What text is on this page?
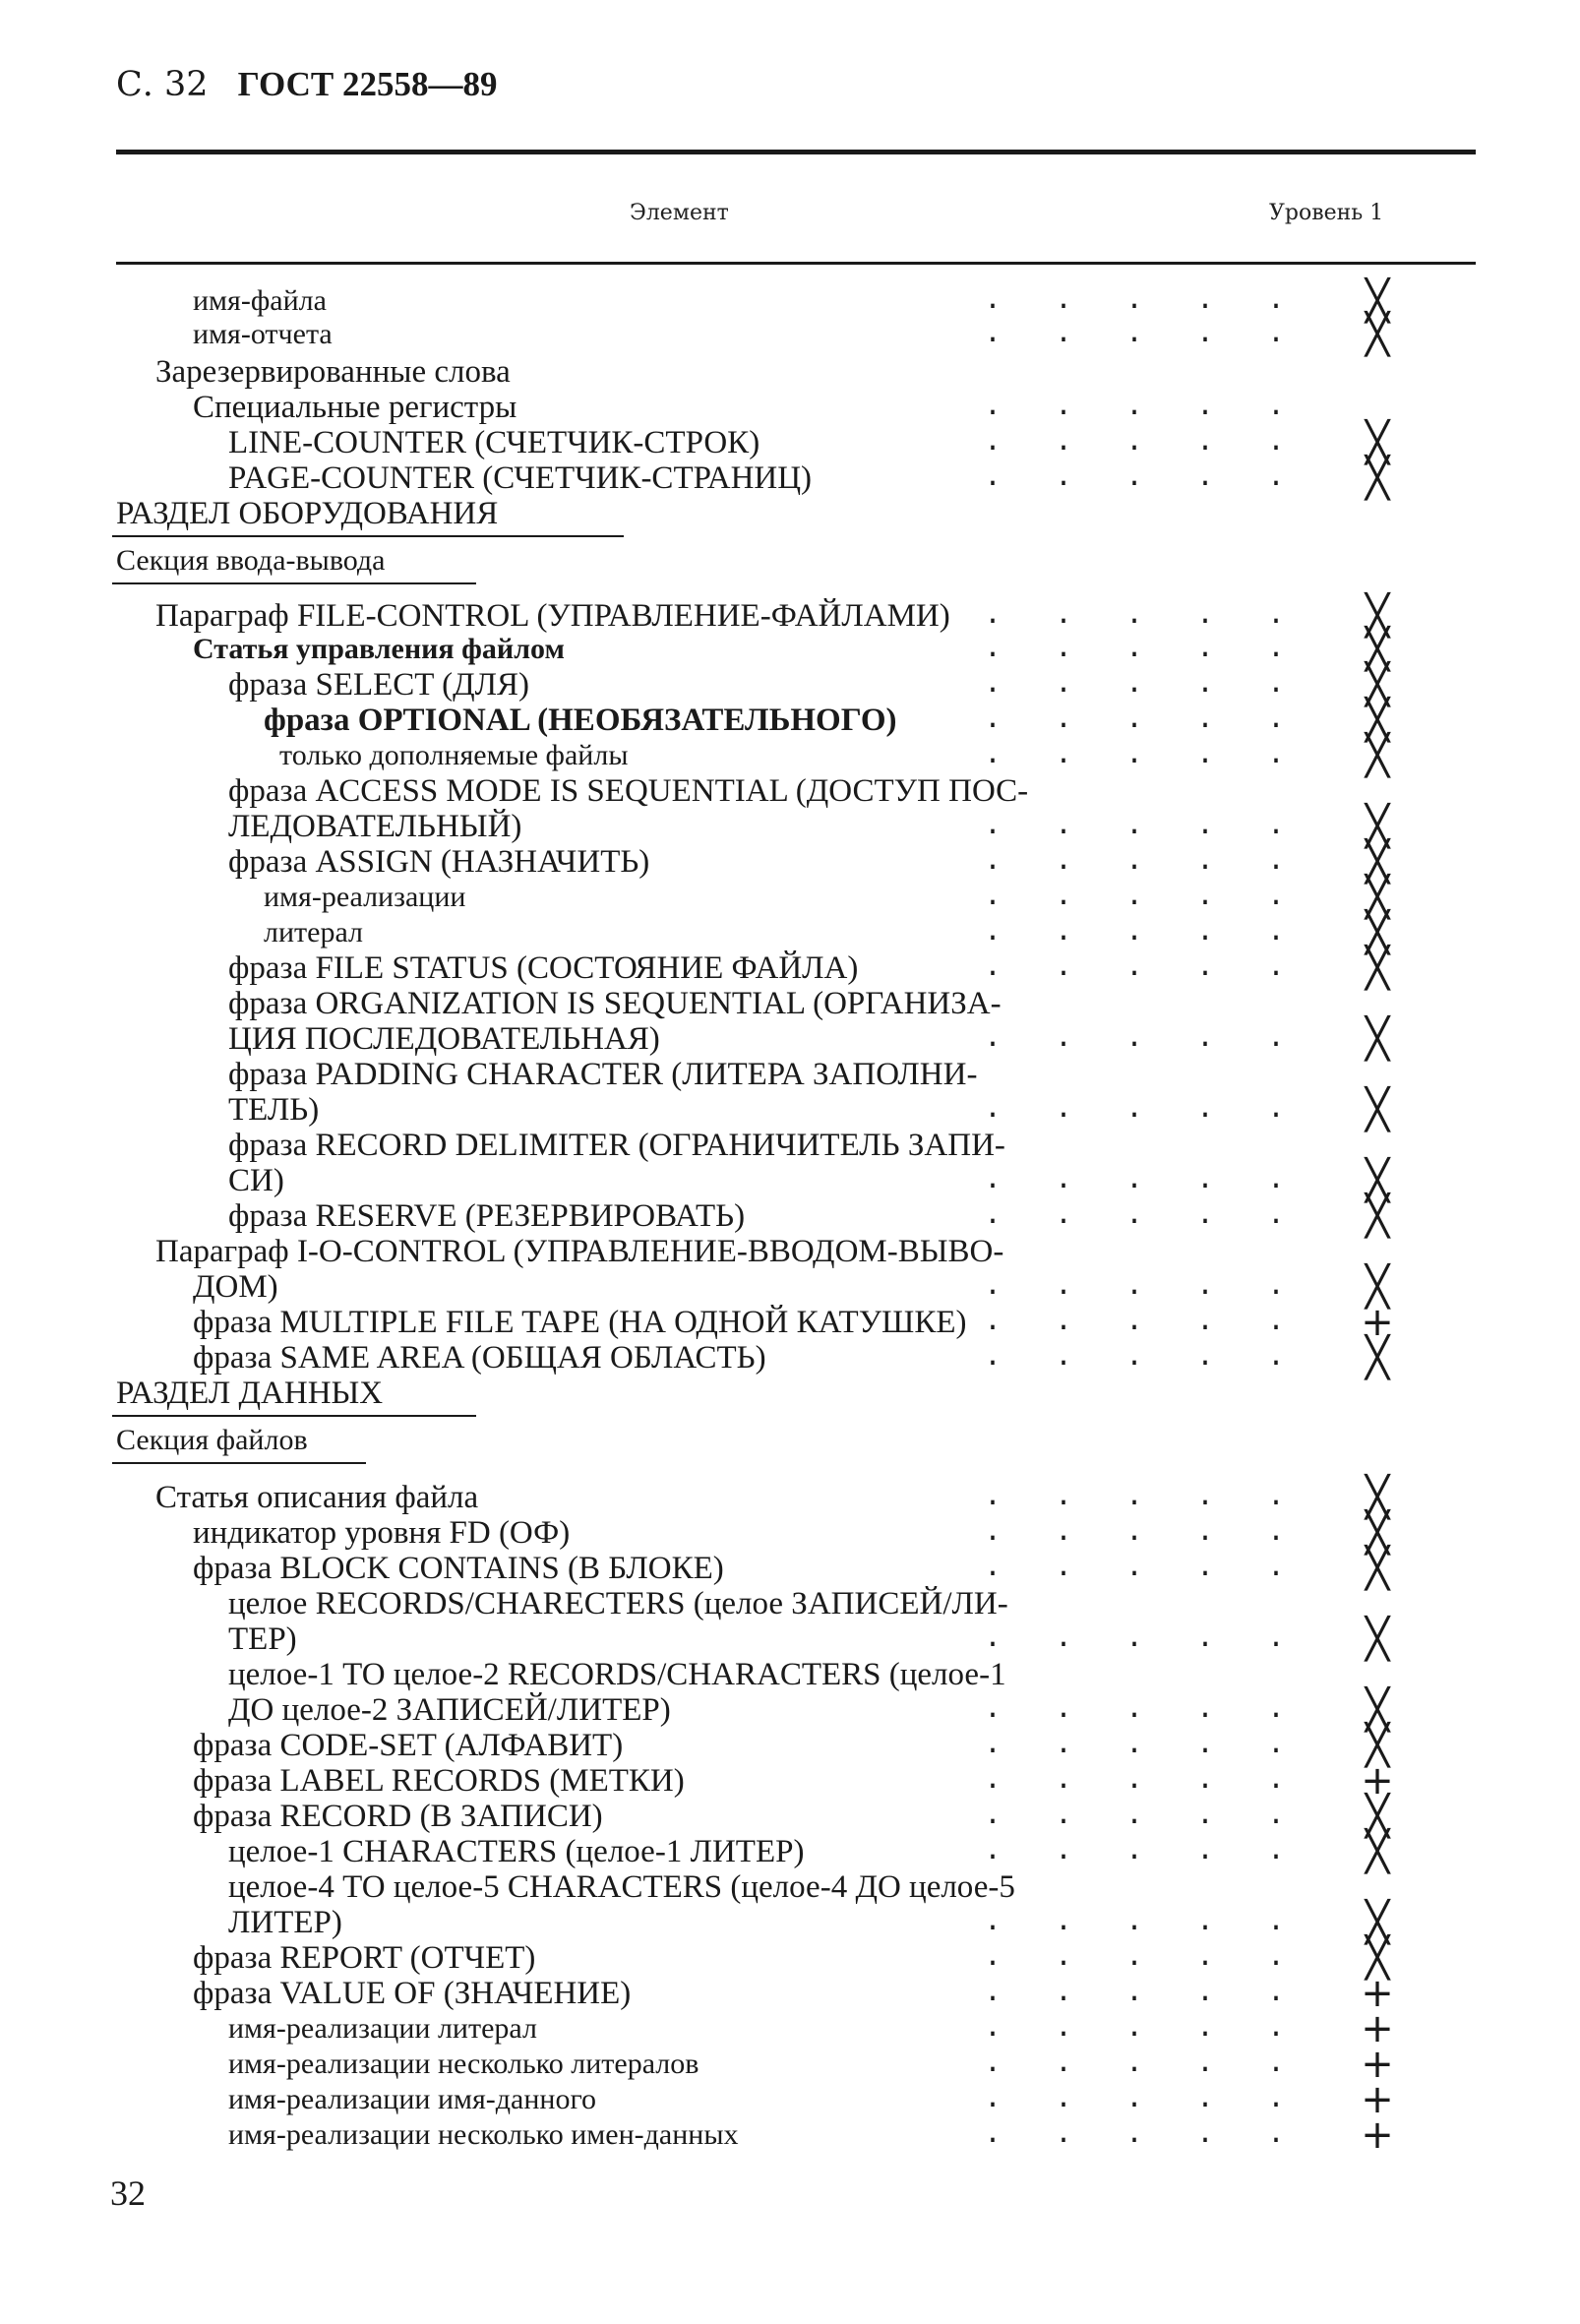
С. 32 ГОСТ 22558—89
Элемент	Уровень 1
имя-файла	.   .   .   .   . ╳
имя-отчета	.   .   .   .   . ╳
Зарезервированные слова
Специальные регистры	.   .   .   .   .
LINE-COUNTER (СЧЕТЧИК-СТРОК)	.   .   .   .   . ╳
PAGE-COUNTER (СЧЕТЧИК-СТРАНИЦ)	.   .   .   .   . ╳
РАЗДЕЛ ОБОРУДОВАНИЯ
Секция ввода-вывода
Параграф FILE-CONTROL (УПРАВЛЕНИЕ-ФАЙЛАМИ) .   .   .   .   . ╳
Статья управления файлом	.   .   .   .   . ╳
фраза SELECT (ДЛЯ)	.   .   .   .   . ╳
фраза OPTIONAL (НЕОБЯЗАТЕЛЬНОГО)	.   .   .   .   . ╳
только дополняемые файлы	.   .   .   .   . ╳
фраза ACCESS MODE IS SEQUENTIAL (ДОСТУП ПОС-
ЛЕДОВАТЕЛЬНЫЙ)	.   .   .   .   . ╳
фраза ASSIGN (НАЗНАЧИТЬ)	.   .   .   .   . ╳
имя-реализации	.   .   .   .   . ╳
литерал	.   .   .   .   . ╳
фраза FILE STATUS (СОСТОЯНИЕ ФАЙЛА)	.   .   .   .   . ╳
фраза ORGANIZATION IS SEQUENTIAL (ОРГАНИЗА-
ЦИЯ ПОСЛЕДОВАТЕЛЬНАЯ)	.   .   .   .   . ╳
фраза PADDING CHARACTER (ЛИТЕРА ЗАПОЛНИ-
ТЕЛЬ)	.   .   .   .   . ╳
фраза RECORD DELIMITER (ОГРАНИЧИТЕЛЬ ЗАПИ-
СИ)	.   .   .   .   . ╳
фраза RESERVE (РЕЗЕРВИРОВАТЬ)	.   .   .   .   . ╳
Параграф I-O-CONTROL (УПРАВЛЕНИЕ-ВВОДОМ-ВЫВО-
ДОМ)	.   .   .   .   . ╳
фраза MULTIPLE FILE TAPE (НА ОДНОЙ КАТУШКЕ) .   .   .   .   . +
фраза SAME AREA (ОБЩАЯ ОБЛАСТЬ)	.   .   .   .   . ╳
РАЗДЕЛ ДАННЫХ
Секция файлов
Статья описания файла	.   .   .   .   . ╳
индикатор уровня FD (ОФ)	.   .   .   .   . ╳
фраза BLOCK CONTAINS (В БЛОКЕ)	.   .   .   .   . ╳
целое RECORDS/CHARECTERS (целое ЗАПИСЕЙ/ЛИ-
ТЕР)	.   .   .   .   . ╳
целое-1 ТО целое-2 RECORDS/CHARACTERS (целое-1
ДО целое-2 ЗАПИСЕЙ/ЛИТЕР)	.   .   .   .   . ╳
фраза CODE-SET (АЛФАВИТ)	.   .   .   .   . ╳
фраза LABEL RECORDS (МЕТКИ)	.   .   .   .   . +
фраза RECORD (В ЗАПИСИ)	.   .   .   .   . ╳
целое-1 CHARACTERS (целое-1 ЛИТЕР)	.   .   .   .   . ╳
целое-4 ТО целое-5 CHARACTERS (целое-4 ДО целое-5
ЛИТЕР)	.   .   .   .   . ╳
фраза REPORT (ОТЧЕТ)	.   .   .   .   . ╳
фраза VALUE OF (ЗНАЧЕНИЕ)	.   .   .   .   . +
имя-реализации литерал	.   .   .   .   . +
имя-реализации несколько литералов	.   .   .   .   . +
имя-реализации имя-данного	.   .   .   .   . +
имя-реализации несколько имен-данных	.   .   .   .   . +
32
